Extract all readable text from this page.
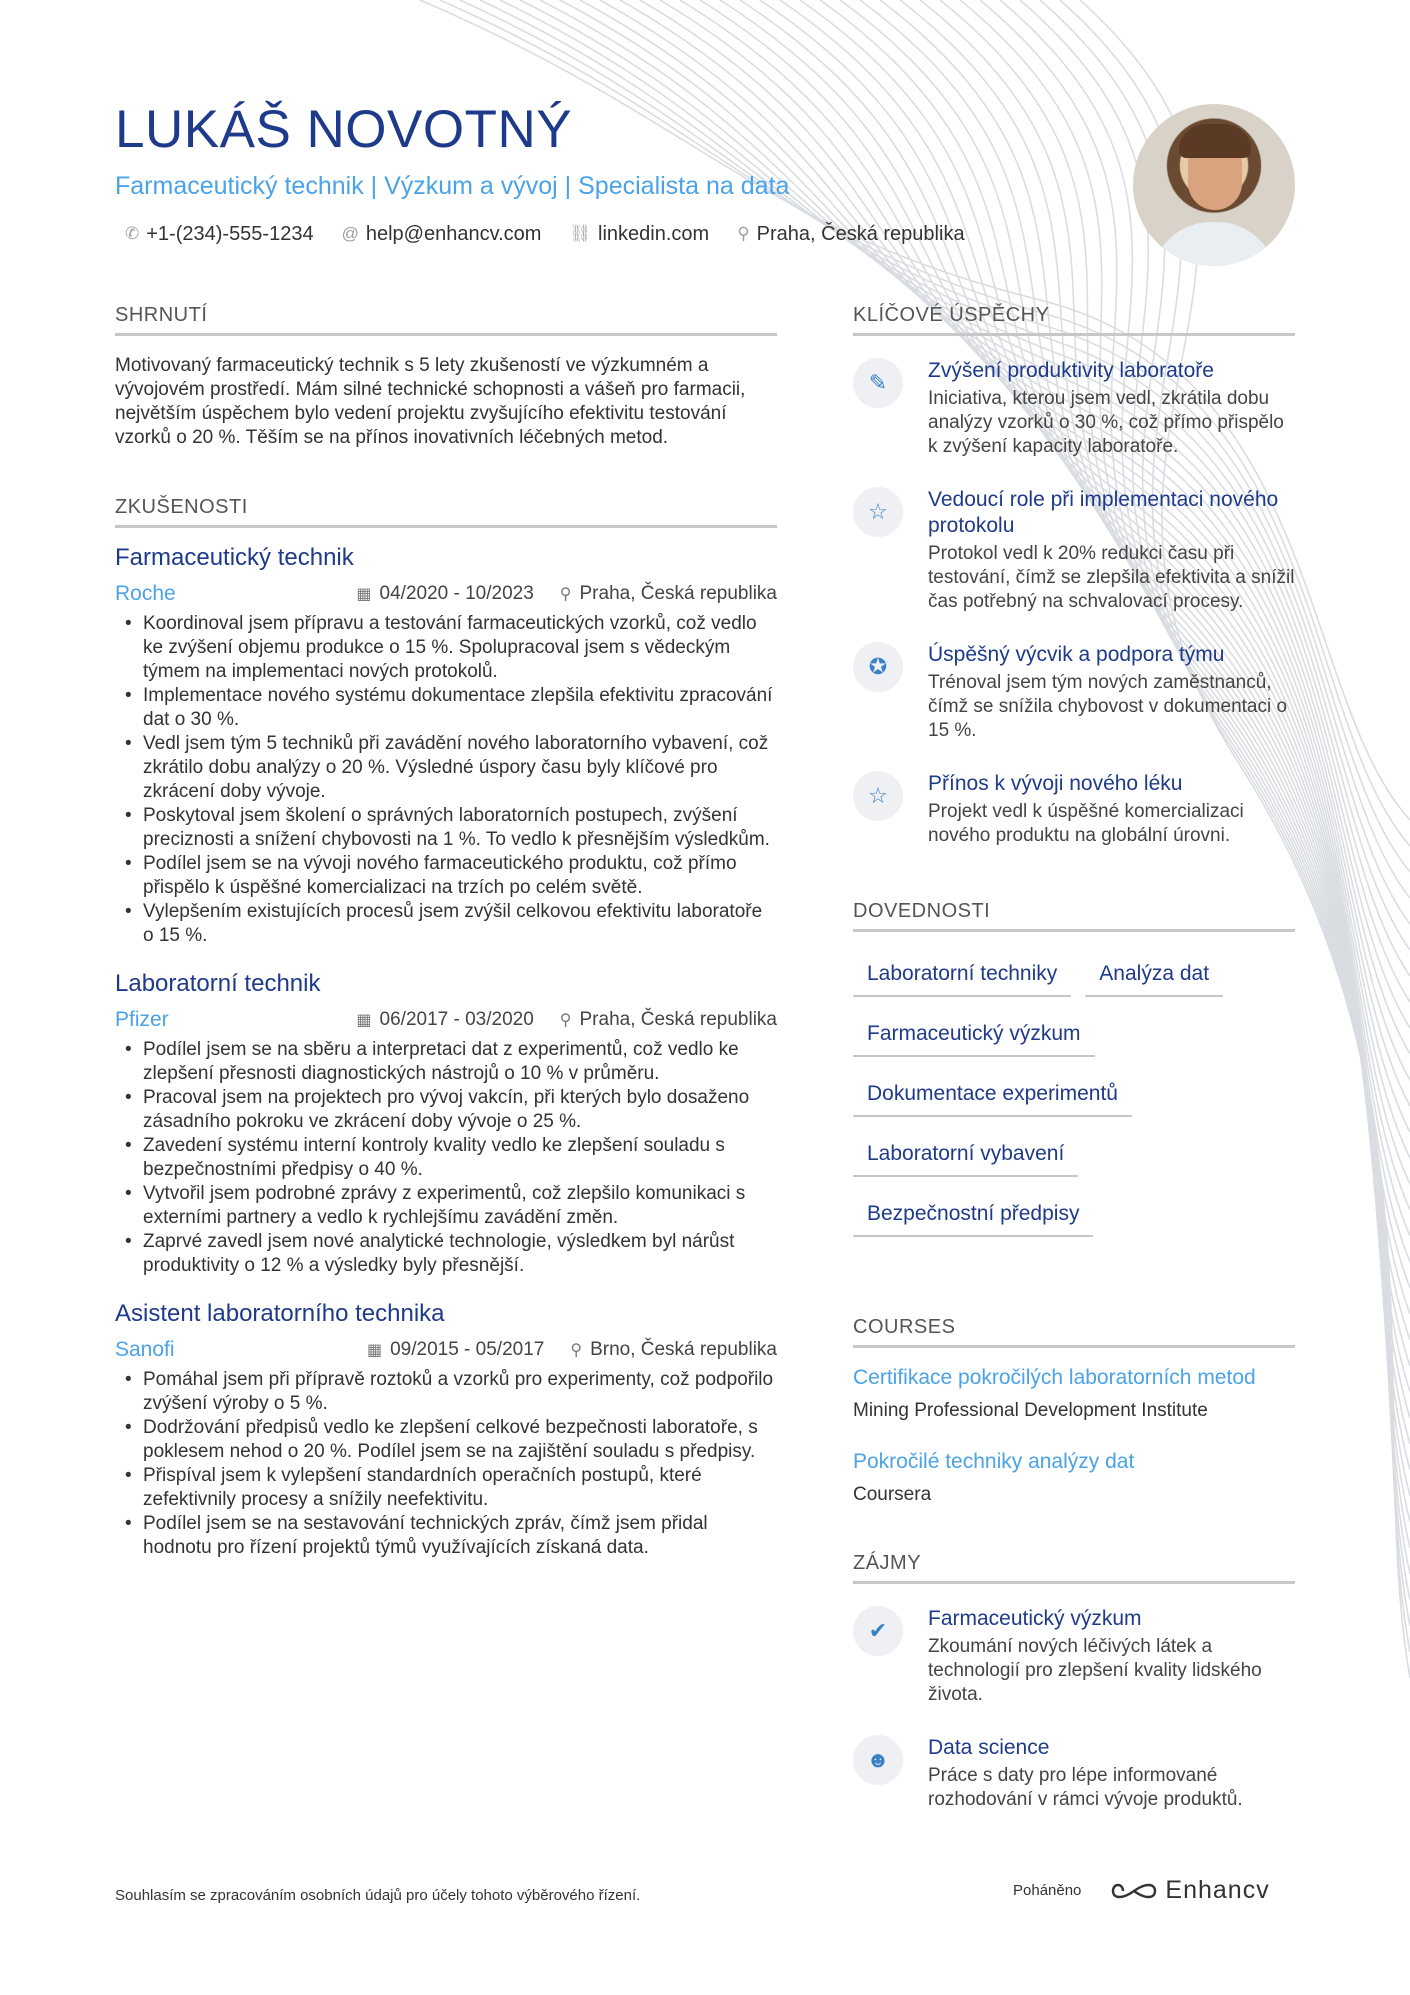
LUKÁŠ NOVOTNÝ
Farmaceutický technik | Výzkum a vývoj | Specialista na data
✆ +1-(234)-555-1234 @ help@enhancv.com ⛓ linkedin.com ⚲ Praha, Česká republika
SHRNUTÍ
Motivovaný farmaceutický technik s 5 lety zkušeností ve výzkumném a vývojovém prostředí. Mám silné technické schopnosti a vášeň pro farmacii, největším úspěchem bylo vedení projektu zvyšujícího efektivitu testování vzorků o 20 %. Těším se na přínos inovativních léčebných metod.
ZKUŠENOSTI
Farmaceutický technik
Roche	▦ 04/2020 - 10/2023 ⚲ Praha, Česká republika
• Koordinoval jsem přípravu a testování farmaceutických vzorků, což vedlo ke zvýšení objemu produkce o 15 %. Spolupracoval jsem s vědeckým týmem na implementaci nových protokolů.
• Implementace nového systému dokumentace zlepšila efektivitu zpracování dat o 30 %.
• Vedl jsem tým 5 techniků při zavádění nového laboratorního vybavení, což zkrátilo dobu analýzy o 20 %. Výsledné úspory času byly klíčové pro zkrácení doby vývoje.
• Poskytoval jsem školení o správných laboratorních postupech, zvýšení preciznosti a snížení chybovosti na 1 %. To vedlo k přesnějším výsledkům.
• Podílel jsem se na vývoji nového farmaceutického produktu, což přímo přispělo k úspěšné komercializaci na trzích po celém světě.
• Vylepšením existujících procesů jsem zvýšil celkovou efektivitu laboratoře o 15 %.
Laboratorní technik
Pfizer	▦ 06/2017 - 03/2020 ⚲ Praha, Česká republika
• Podílel jsem se na sběru a interpretaci dat z experimentů, což vedlo ke zlepšení přesnosti diagnostických nástrojů o 10 % v průměru.
• Pracoval jsem na projektech pro vývoj vakcín, při kterých bylo dosaženo zásadního pokroku ve zkrácení doby vývoje o 25 %.
• Zavedení systému interní kontroly kvality vedlo ke zlepšení souladu s bezpečnostními předpisy o 40 %.
• Vytvořil jsem podrobné zprávy z experimentů, což zlepšilo komunikaci s externími partnery a vedlo k rychlejšímu zavádění změn.
• Zaprvé zavedl jsem nové analytické technologie, výsledkem byl nárůst produktivity o 12 % a výsledky byly přesnější.
Asistent laboratorního technika
Sanofi	▦ 09/2015 - 05/2017 ⚲ Brno, Česká republika
• Pomáhal jsem při přípravě roztoků a vzorků pro experimenty, což podpořilo zvýšení výroby o 5 %.
• Dodržování předpisů vedlo ke zlepšení celkové bezpečnosti laboratoře, s poklesem nehod o 20 %. Podílel jsem se na zajištění souladu s předpisy.
• Přispíval jsem k vylepšení standardních operačních postupů, které zefektivnily procesy a snížily neefektivitu.
• Podílel jsem se na sestavování technických zpráv, čímž jsem přidal hodnotu pro řízení projektů týmů využívajících získaná data.
KLÍČOVÉ ÚSPĚCHY
✎	Zvýšení produktivity laboratoře
Iniciativa, kterou jsem vedl, zkrátila dobu analýzy vzorků o 30 %, což přímo přispělo k zvýšení kapacity laboratoře.
☆	Vedoucí role při implementaci nového protokolu
Protokol vedl k 20% redukci času při testování, čímž se zlepšila efektivita a snížil čas potřebný na schvalovací procesy.
✪	Úspěšný výcvik a podpora týmu
Trénoval jsem tým nových zaměstnanců, čímž se snížila chybovost v dokumentaci o 15 %.
☆	Přínos k vývoji nového léku
Projekt vedl k úspěšné komercializaci nového produktu na globální úrovni.
DOVEDNOSTI
Laboratorní techniky	Analýza dat
Farmaceutický výzkum
Dokumentace experimentů
Laboratorní vybavení
Bezpečnostní předpisy
COURSES
Certifikace pokročilých laboratorních metod
Mining Professional Development Institute
Pokročilé techniky analýzy dat
Coursera
ZÁJMY
✔	Farmaceutický výzkum
Zkoumání nových léčivých látek a technologií pro zlepšení kvality lidského života.
☻	Data science
Práce s daty pro lépe informované rozhodování v rámci vývoje produktů.
Souhlasím se zpracováním osobních údajů pro účely tohoto výběrového řízení.	Poháněno	Enhancv
